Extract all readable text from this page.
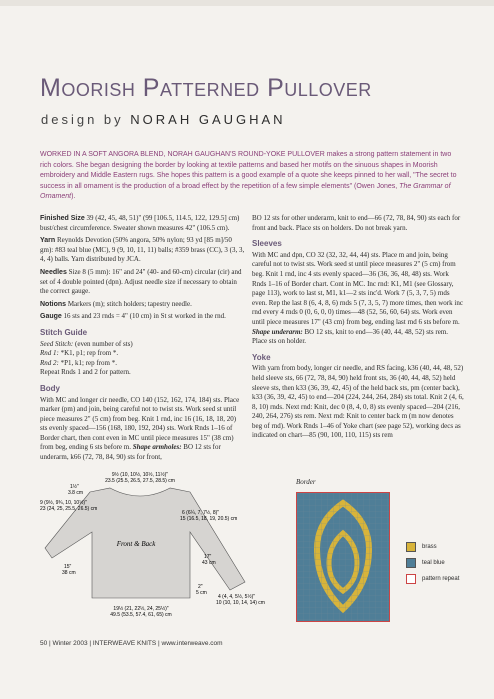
Moorish Patterned Pullover
design by NORAH GAUGHAN
WORKED IN A SOFT ANGORA BLEND, NORAH GAUGHAN'S ROUND-YOKE PULLOVER makes a strong pattern statement in two rich colors. She began designing the border by looking at textile patterns and based her motifs on the sinuous shapes in Moorish embroidery and Middle Eastern rugs. She hopes this pattern is a good example of a quote she keeps pinned to her wall, "The secret to success in all ornament is the production of a broad effect by the repetition of a few simple elements" (Owen Jones, The Grammar of Ornament).

Finished Size 39 (42, 45, 48, 51)" (99 [106.5, 114.5, 122, 129.5] cm) bust/chest circumference. Sweater shown measures 42" (106.5 cm).

Yarn Reynolds Devotion (50% angora, 50% nylon; 93 yd [85 m]/50 gm): #83 teal blue (MC), 9 (9, 10, 11, 11) balls; #359 brass (CC), 3 (3, 3, 4, 4) balls. Yarn distributed by JCA.

Needles Size 8 (5 mm): 16" and 24" (40- and 60-cm) circular (cir) and set of 4 double pointed (dpn). Adjust needle size if necessary to obtain the correct gauge.

Notions Markers (m); stitch holders; tapestry needle.

Gauge 16 sts and 23 rnds = 4" (10 cm) in St st worked in the rnd.

Stitch Guide

Seed Stitch: (even number of sts)

Rnd 1: *K1, p1; rep from *.

Rnd 2: *P1, k1; rep from *.

Repeat Rnds 1 and 2 for pattern.

Body

With MC and longer cir needle, CO 140 (152, 162, 174, 184) sts. Place marker (pm) and join, being careful not to twist sts. Work seed st until piece measures 2" (5 cm) from beg. Knit 1 rnd, inc 16 (16, 18, 18, 20) sts evenly spaced—156 (168, 180, 192, 204) sts. Work Rnds 1–16 of Border chart, then cont even in MC until piece measures 15" (38 cm) from beg, ending 6 sts before m. Shape armholes: BO 12 sts for underarm, k66 (72, 78, 84, 90) sts for front,

BO 12 sts for other underarm, knit to end—66 (72, 78, 84, 90) sts each for front and back. Place sts on holders. Do not break yarn.

Sleeves

With MC and dpn, CO 32 (32, 32, 44, 44) sts. Place m and join, being careful not to twist sts. Work seed st until piece measures 2" (5 cm) from beg. Knit 1 rnd, inc 4 sts evenly spaced—36 (36, 36, 48, 48) sts. Work Rnds 1–16 of Border chart. Cont in MC. Inc rnd: K1, M1 (see Glossary, page 113), work to last st, M1, k1—2 sts inc'd. Work 7 (5, 3, 7, 5) rnds even. Rep the last 8 (6, 4, 8, 6) rnds 5 (7, 3, 5, 7) more times, then work inc rnd every 4 rnds 0 (0, 6, 0, 0) times—48 (52, 56, 60, 64) sts. Work even until piece measures 17" (43 cm) from beg, ending last rnd 6 sts before m. Shape underarm: BO 12 sts, knit to end—36 (40, 44, 48, 52) sts rem. Place sts on holder.

Yoke

With yarn from body, longer cir needle, and RS facing, k36 (40, 44, 48, 52) held sleeve sts, 66 (72, 78, 84, 90) held front sts, 36 (40, 44, 48, 52) held sleeve sts, then k33 (36, 39, 42, 45) of the held back sts, pm (center back), k33 (36, 39, 42, 45) to end—204 (224, 244, 264, 284) sts total. Knit 2 (4, 6, 8, 10) rnds. Next rnd: Knit, dec 0 (8, 4, 0, 8) sts evenly spaced—204 (216, 240, 264, 276) sts rem. Next rnd: Knit to center back m (m now denotes beg of rnd). Work Rnds 1–46 of Yoke chart (see page 52), working decs as indicated on chart—85 (90, 100, 110, 115) sts rem

Front & Back
9½ (10, 10½, 10½, 11½)"
23.5 (25.5, 26.5, 27.5, 28.5) cm
1½"
3.8 cm
9 (9½, 9¾, 10, 10½)"
23 (24, 25, 25.5, 26.5) cm
6 (6¼, 7, 7½, 8)"
15 (16.5, 18, 19, 20.5) cm
15"
38 cm
17"
43 cm
2"
5 cm
4 (4, 4, 5½, 5½)"
10 (10, 10, 14, 14) cm
19½ (21, 22½, 24, 25½)"
49.5 (53.5, 57.4, 61, 65) cm
Border
brass
teal blue
pattern repeat
50 | Winter 2003 | INTERWEAVE KNITS | www.interweave.com
